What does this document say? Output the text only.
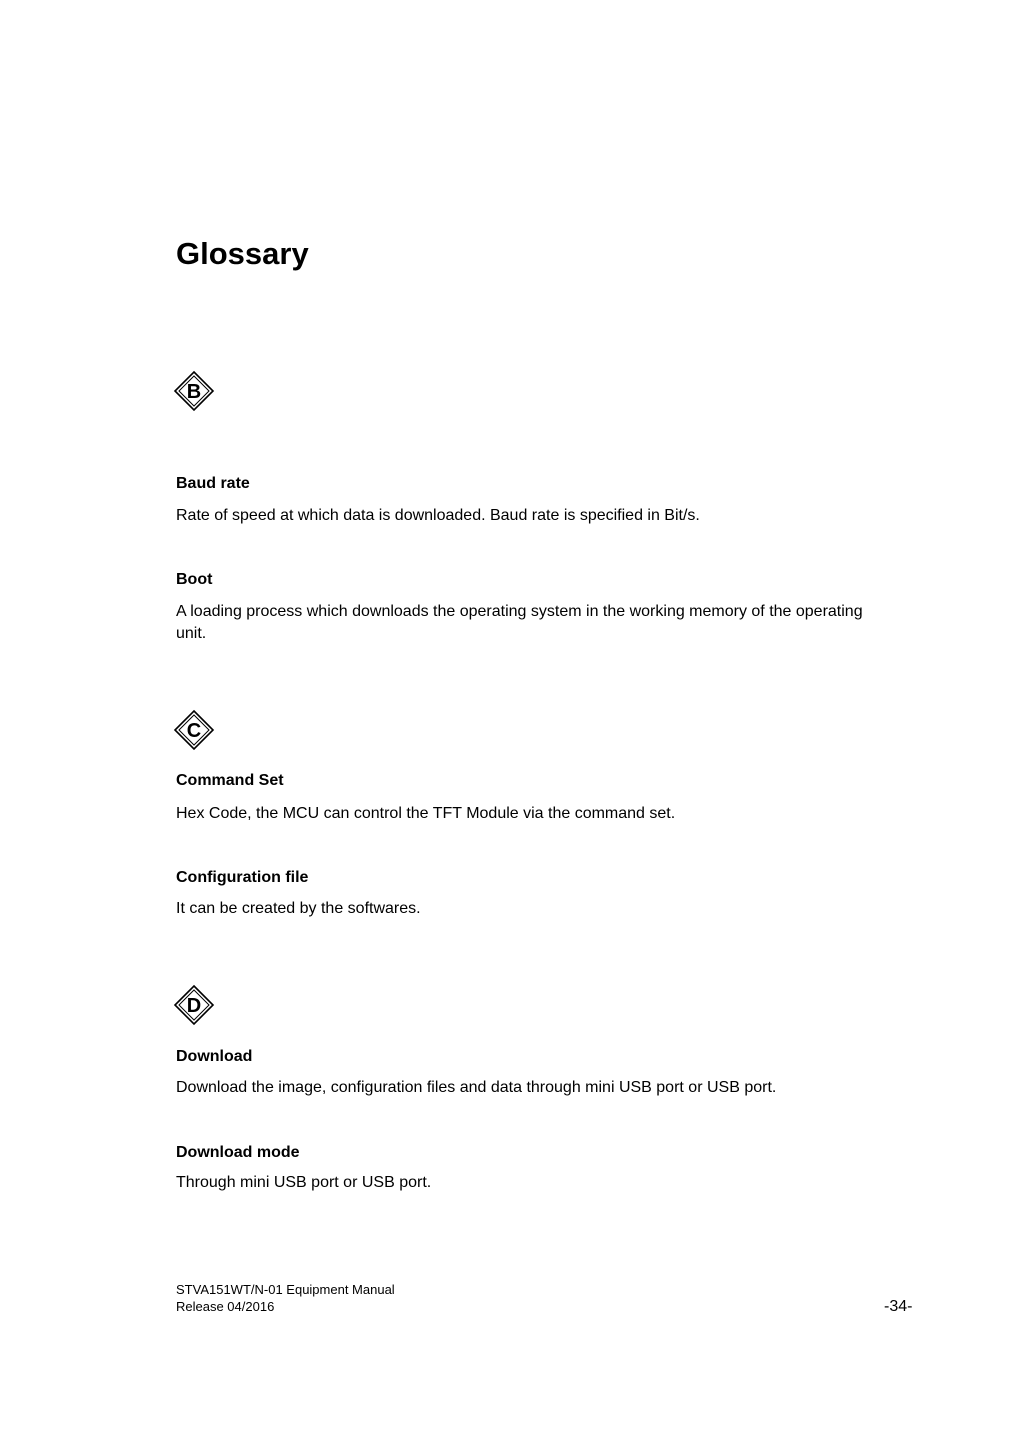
Glossary
B
Baud rate
Rate of speed at which data is downloaded. Baud rate is specified in Bit/s.
Boot
A loading process which downloads the operating system in the working memory of the operating unit.
C
Command Set
Hex Code, the MCU can control the TFT Module via the command set.
Configuration file
It can be created by the softwares.
D
Download
Download the image, configuration files and data through mini USB port or USB port.
Download mode
Through mini USB port or USB port.
STVA151WT/N-01 Equipment Manual
Release 04/2016	-34-
